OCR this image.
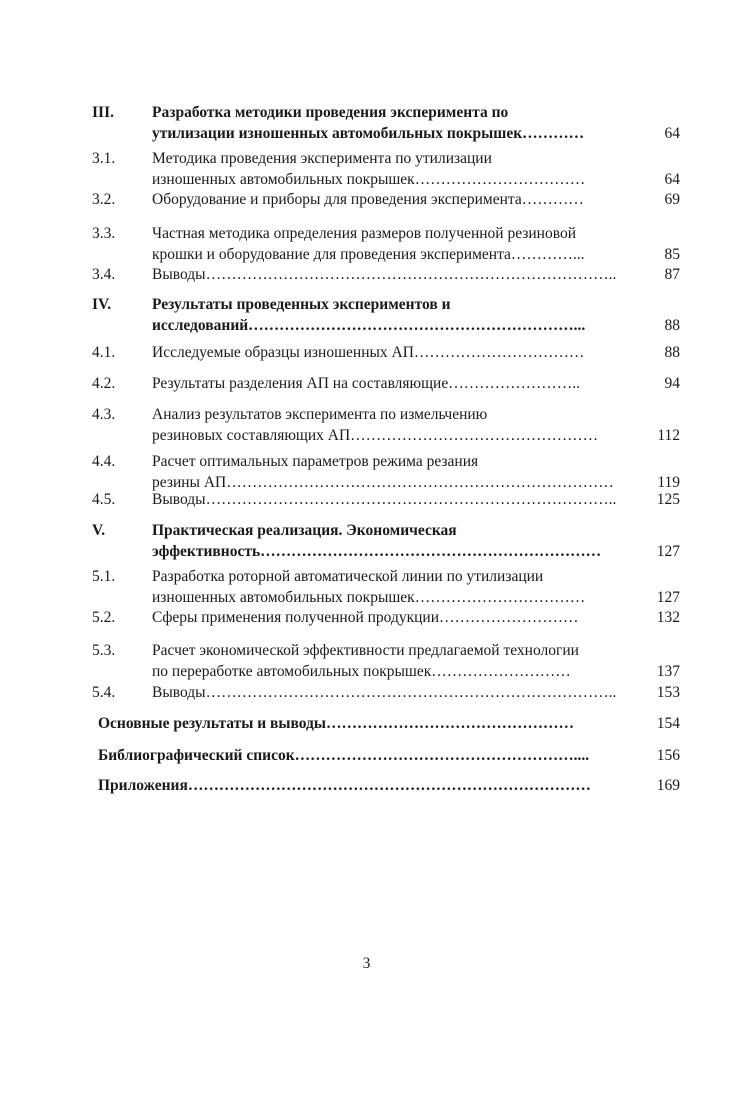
III. Разработка методики проведения эксперимента по
утилизации изношенных автомобильных покрышек…………	64
3.1. Методика проведения эксперимента по утилизации
изношенных автомобильных покрышек……………………………	64
3.2. Оборудование и приборы для проведения эксперимента…………	69
3.3. Частная методика определения размеров полученной резиновой
крошки и оборудование для проведения эксперимента…………...	85
3.4. Выводы……………………………………………………………………..	87
IV.	Результаты проведенных экспериментов и
исследований………………………………………………………...	88
4.1. Исследуемые образцы изношенных АП……………………………	88
4.2. Результаты разделения АП на составляющие……………………..	94
4.3. Анализ результатов эксперимента по измельчению
резиновых составляющих АП…………………………………………	112
4.4. Расчет оптимальных параметров режима резания
резины АП…………………………………………………………………	119
4.5. Выводы……………………………………………………………………..	125
V.	Практическая реализация. Экономическая
эффективность…………………………………………………………	127
5.1. Разработка роторной автоматической линии по утилизации
изношенных автомобильных покрышек……………………………	127
5.2. Сферы применения полученной продукции………………………	132
5.3. Расчет экономической эффективности предлагаемой технологии
по переработке автомобильных покрышек………………………	137
5.4. Выводы……………………………………………………………………..	153
Основные результаты и выводы…………………………………………	154
Библиографический список………………………………………………....	156
Приложения……………………………………………………………………	169
3
